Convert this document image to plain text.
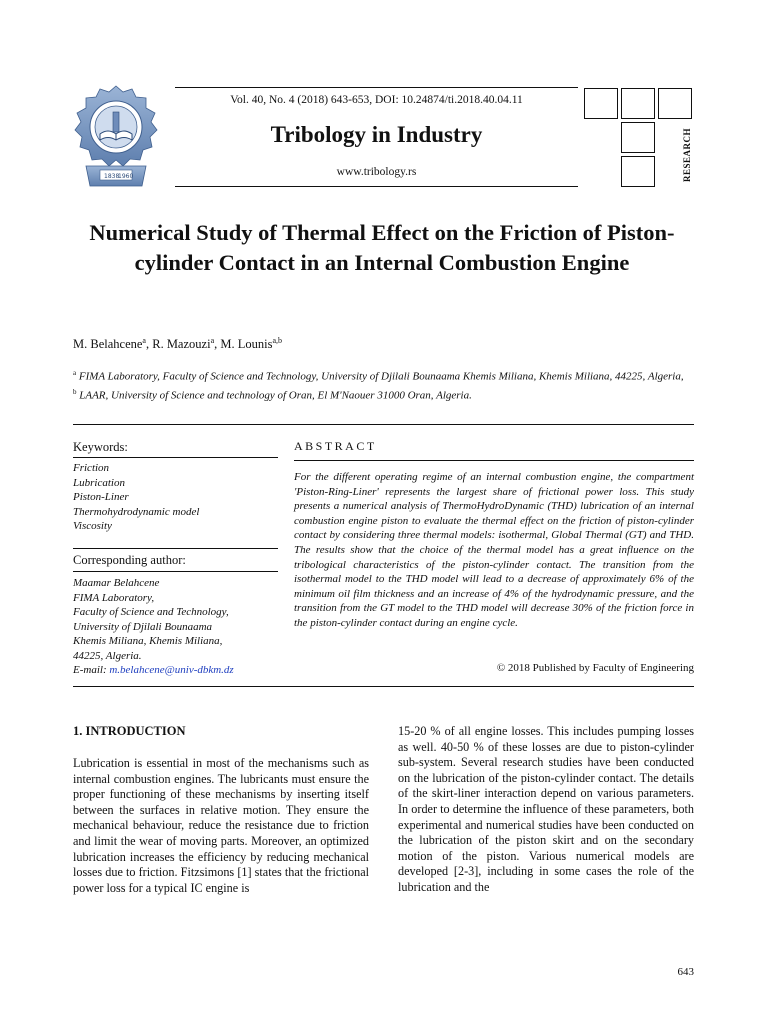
1838
1960
Vol. 40, No. 4 (2018) 643-653, DOI: 10.24874/ti.2018.40.04.11
Tribology in Industry
www.tribology.rs	RESEARCH
Numerical Study of Thermal Effect on the Friction of Piston-cylinder Contact in an Internal Combustion Engine
M. Belahcene$^a$, R. Mazouzi$^a$, M. Lounis$^{a,b}$
$^a$ FIMA Laboratory, Faculty of Science and Technology, University of Djilali Bounaama Khemis Miliana, Khemis Miliana, 44225, Algeria,
$^b$ LAAR, University of Science and technology of Oran, El M'Naouer 31000 Oran, Algeria.
Keywords:
Friction
Lubrication
Piston-Liner
Thermohydrodynamic model
Viscosity
Corresponding author:
Maamar Belahcene
FIMA Laboratory,
Faculty of Science and Technology,
University of Djilali Bounaama
Khemis Miliana, Khemis Miliana,
44225, Algeria.
E-mail: m.belahcene@univ-dbkm.dz
ABSTRACT
For the different operating regime of an internal combustion engine, the compartment 'Piston-Ring-Liner' represents the largest share of frictional power loss. This study presents a numerical analysis of ThermoHydroDynamic (THD) lubrication of an internal combustion engine piston to evaluate the thermal effect on the friction of piston-cylinder contact by considering three thermal models: isothermal, Global Thermal (GT) and THD. The results show that the choice of the thermal model has a great influence on the tribological characteristics of the piston-cylinder contact. The transition from the isothermal model to the THD model will lead to a decrease of approximately 6% of the minimum oil film thickness and an increase of 4% of the hydrodynamic pressure, and the transition from the GT model to the THD model will decrease 30% of the friction force in the piston-cylinder contact during an engine cycle.
© 2018 Published by Faculty of Engineering
1. INTRODUCTION
Lubrication is essential in most of the mechanisms such as internal combustion engines. The lubricants must ensure the proper functioning of these mechanisms by inserting itself between the surfaces in relative motion. They ensure the mechanical behaviour, reduce the resistance due to friction and limit the wear of moving parts. Moreover, an optimized lubrication increases the efficiency by reducing mechanical losses due to friction. Fitzsimons [1] states that the frictional power loss for a typical IC engine is
15-20 % of all engine losses. This includes pumping losses as well. 40-50 % of these losses are due to piston-cylinder sub-system. Several research studies have been conducted on the lubrication of the piston-cylinder contact. The details of the skirt-liner interaction depend on various parameters. In order to determine the influence of these parameters, both experimental and numerical studies have been conducted on the lubrication of the piston skirt and on the secondary motion of the piston. Various numerical models are developed [2-3], including in some cases the role of the lubrication and the
643
